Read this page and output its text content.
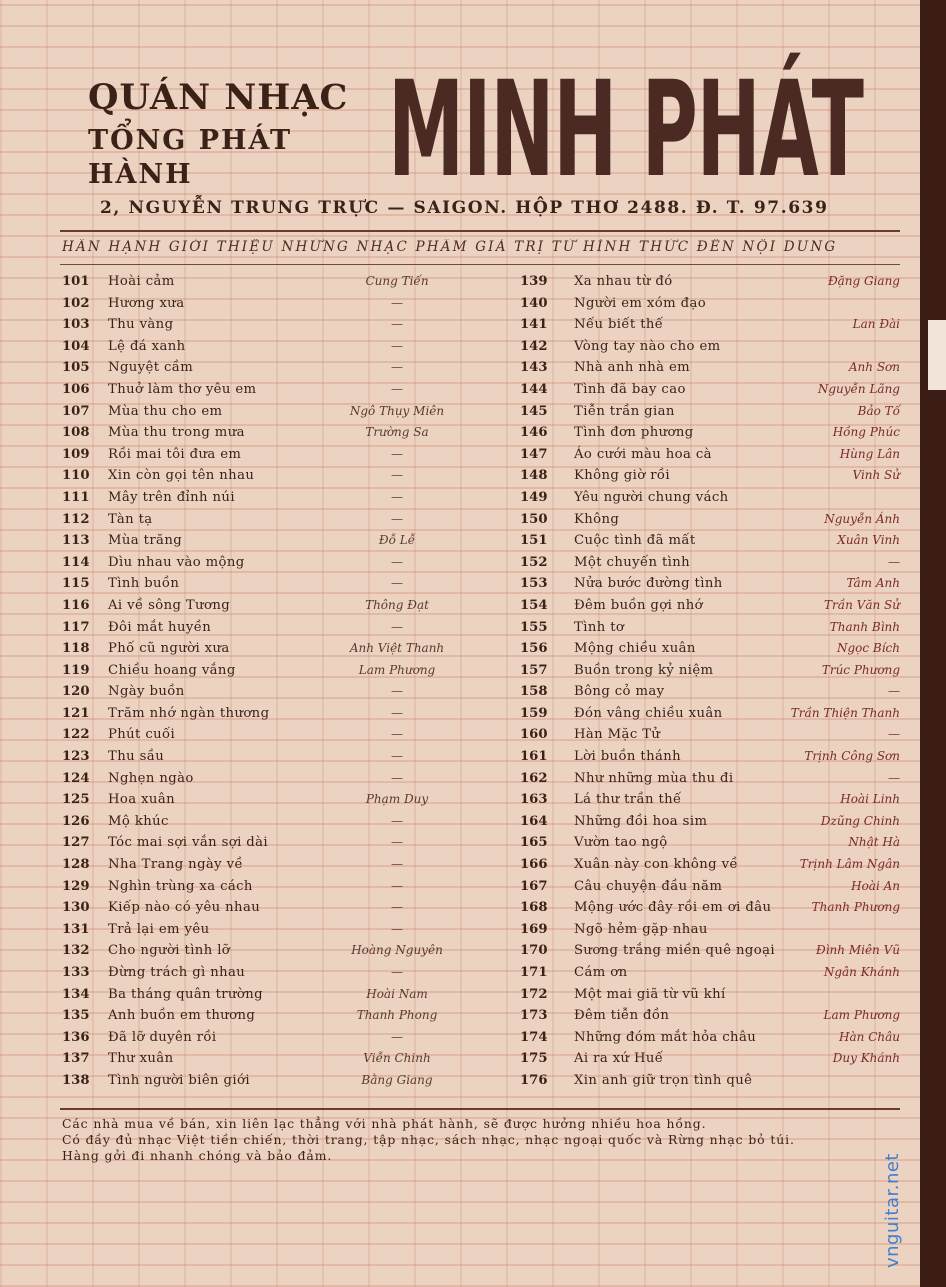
QUÁN NHẠC
TỔNG PHÁT HÀNH	MINH PHÁT
2, NGUYỄN TRUNG TRỰC — SAIGON. HỘP THƠ 2488. Đ. T. 97.639
HÂN HẠNH GIỚI THIỆU NHỮNG NHẠC PHẨM GIÁ TRỊ TỪ HÌNH THỨC ĐẾN NỘI DUNG
101 Hoài cảm	Cung Tiến
102 Hương xưa	—
103 Thu vàng	—
104 Lệ đá xanh	—
105 Nguyệt cầm	—
106 Thuở làm thơ yêu em	—
107 Mùa thu cho em	Ngô Thụy Miên
108 Mùa thu trong mưa	Trường Sa
109 Rồi mai tôi đưa em	—
110 Xin còn gọi tên nhau	—
111 Mây trên đỉnh núi	—
112 Tàn tạ	—
113 Mùa trăng	Đỗ Lễ
114 Dìu nhau vào mộng	—
115 Tình buồn	—
116 Ai về sông Tương	Thông Đạt
117 Đôi mắt huyền	—
118 Phố cũ người xưa	Anh Việt Thanh
119 Chiều hoang vắng	Lam Phương
120 Ngày buồn	—
121 Trăm nhớ ngàn thương	—
122 Phút cuối	—
123 Thu sầu	—
124 Nghẹn ngào	—
125 Hoa xuân	Phạm Duy
126 Mộ khúc	—
127 Tóc mai sợi vắn sợi dài	—
128 Nha Trang ngày về	—
129 Nghìn trùng xa cách	—
130 Kiếp nào có yêu nhau	—
131 Trả lại em yêu	—
132 Cho người tình lỡ	Hoàng Nguyên
133 Đừng trách gì nhau	—
134 Ba tháng quân trường	Hoài Nam
135 Anh buồn em thương	Thanh Phong
136 Đã lỡ duyên rồi	—
137 Thư xuân	Viễn Chinh
138 Tình người biên giới	Bằng Giang
139 Xa nhau từ đó	Đặng Giang
140 Người em xóm đạo
141 Nếu biết thế	Lan Đài
142 Vòng tay nào cho em
143 Nhà anh nhà em	Anh Sơn
144 Tình đã bay cao	Nguyễn Lãng
145 Tiễn trần gian	Bảo Tố
146 Tình đơn phương	Hồng Phúc
147 Áo cưới màu hoa cà	Hùng Lân
148 Không giờ rồi	Vinh Sử
149 Yêu người chung vách
150 Không	Nguyễn Ánh
151 Cuộc tình đã mất	Xuân Vinh
152 Một chuyến tình	—
153 Nửa bước đường tình	Tâm Anh
154 Đêm buồn gợi nhớ	Trần Văn Sử
155 Tình tơ	Thanh Bình
156 Mộng chiều xuân	Ngọc Bích
157 Buồn trong kỷ niệm	Trúc Phương
158 Bông cỏ may	—
159 Đón vâng chiều xuân	Trần Thiện Thanh
160 Hàn Mặc Tử	—
161 Lời buồn thánh	Trịnh Công Sơn
162 Như những mùa thu đi	—
163 Lá thư trần thế	Hoài Linh
164 Những đồi hoa sim	Dzũng Chinh
165 Vườn tao ngộ	Nhật Hà
166 Xuân này con không về	Trịnh Lâm Ngân
167 Câu chuyện đầu năm	Hoài An
168 Mộng ước đây rồi em ơi đâu	Thanh Phương
169 Ngõ hẻm gặp nhau
170 Sương trắng miền quê ngoại	Đình Miên Vũ
171 Cám ơn	Ngân Khánh
172 Một mai giã từ vũ khí
173 Đêm tiễn đồn	Lam Phương
174 Những đóm mắt hỏa châu	Hàn Châu
175 Ai ra xứ Huế	Duy Khánh
176 Xin anh giữ trọn tình quê
Các nhà mua về bán, xin liên lạc thẳng với nhà phát hành, sẽ được hưởng nhiều hoa hồng.
Có đầy đủ nhạc Việt tiền chiến, thời trang, tập nhạc, sách nhạc, nhạc ngoại quốc và Rừng nhạc bỏ túi.
Hàng gởi đi nhanh chóng và bảo đảm.	vnguitar.net
